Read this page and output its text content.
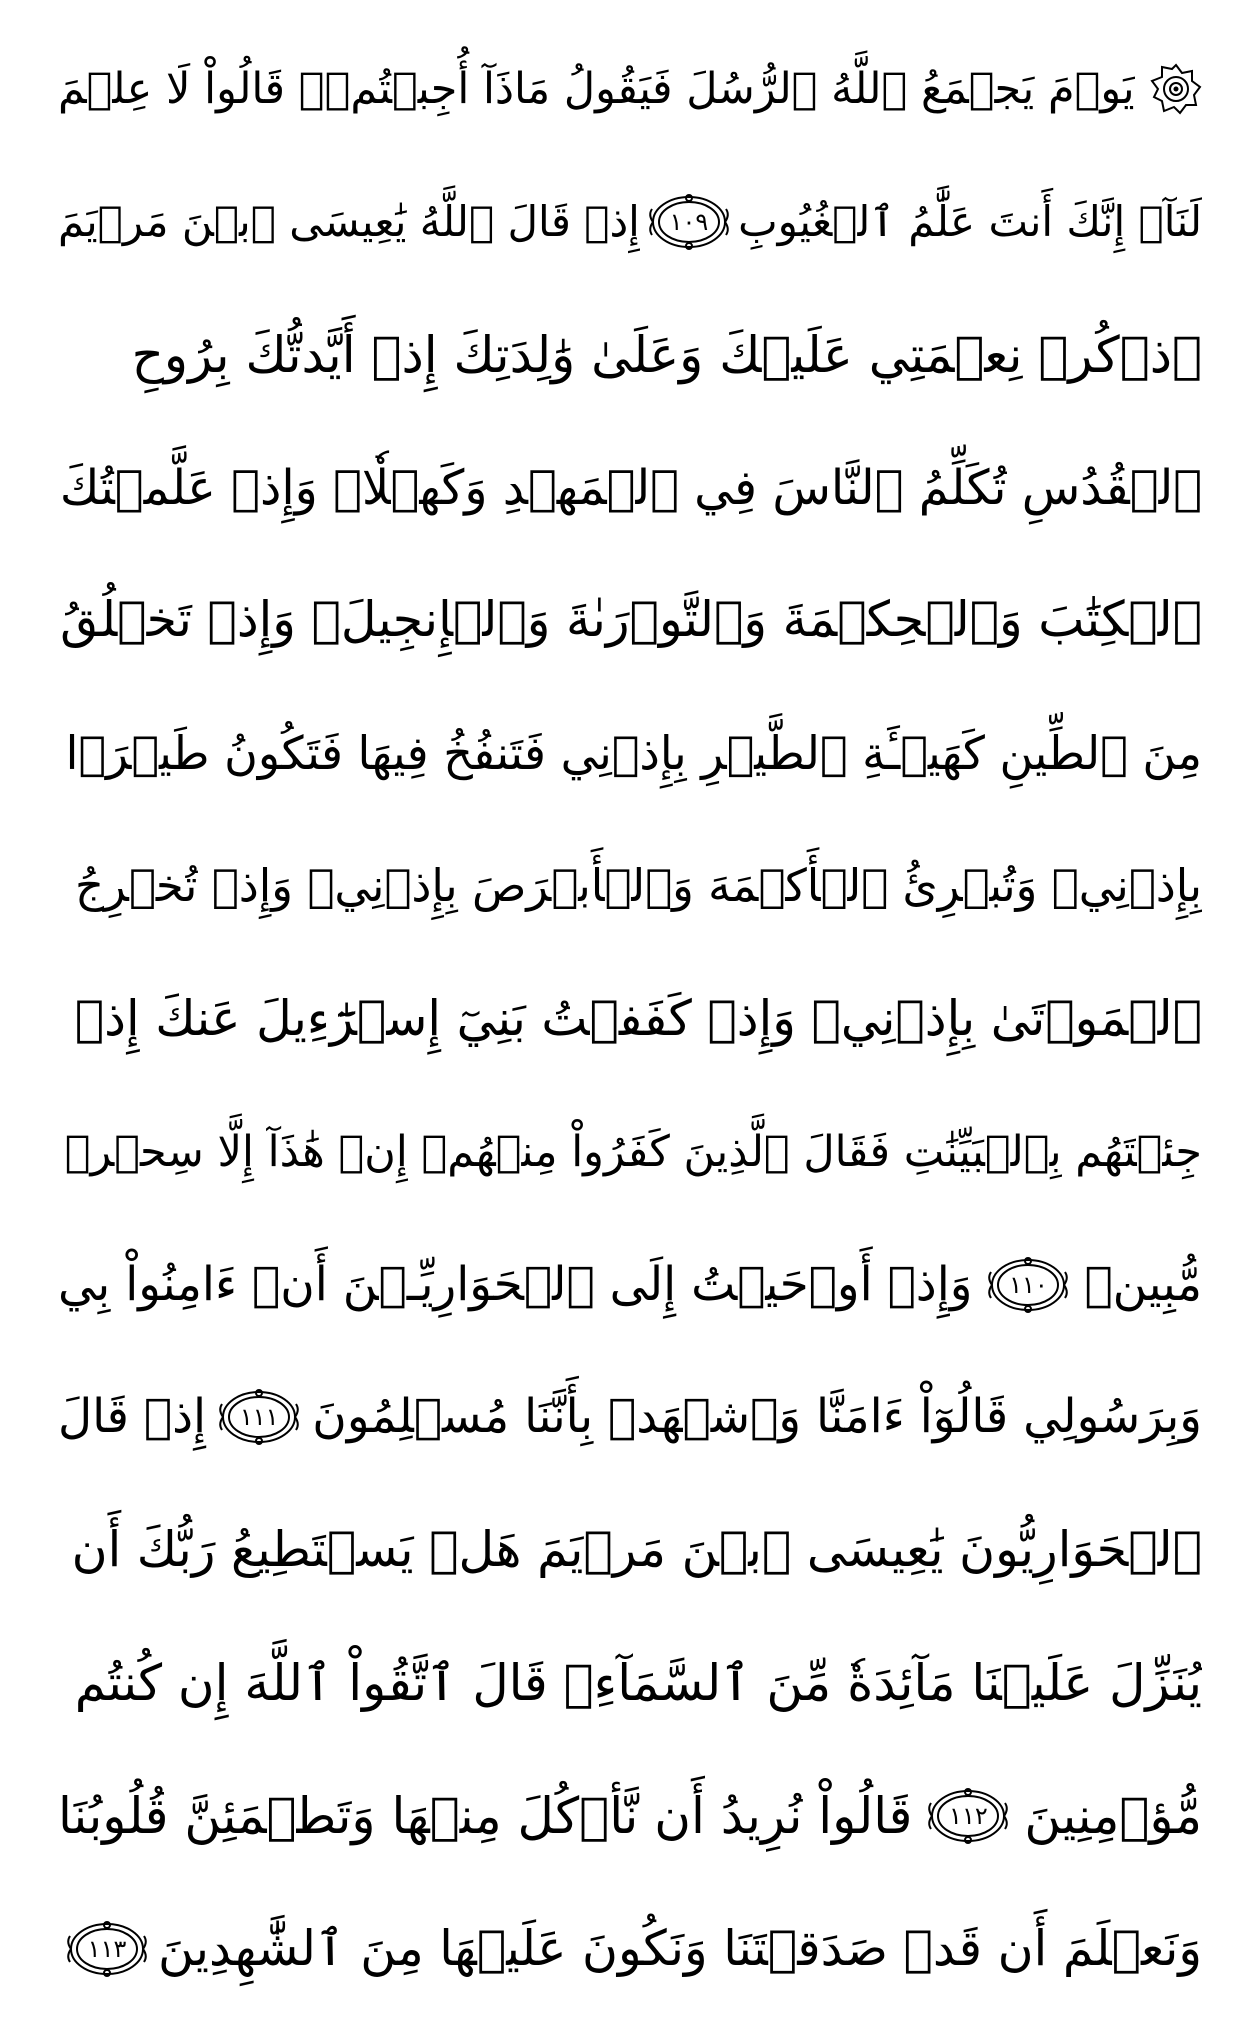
يَوۡمَ يَجۡمَعُ ٱللَّهُ ٱلرُّسُلَ فَيَقُولُ مَاذَآ أُجِبۡتُمۡۖ قَالُواْ لَا عِلۡمَ
لَنَآۖ إِنَّكَ أَنتَ عَلَّٰمُ ٱلۡغُيُوبِ
١٠٩
إِذۡ قَالَ ٱللَّهُ يَٰعِيسَى ٱبۡنَ مَرۡيَمَ
ٱذۡكُرۡ نِعۡمَتِي عَلَيۡكَ وَعَلَىٰ وَٰلِدَتِكَ إِذۡ أَيَّدتُّكَ بِرُوحِ
ٱلۡقُدُسِ تُكَلِّمُ ٱلنَّاسَ فِي ٱلۡمَهۡدِ وَكَهۡلٗاۖ وَإِذۡ عَلَّمۡتُكَ
ٱلۡكِتَٰبَ وَٱلۡحِكۡمَةَ وَٱلتَّوۡرَىٰةَ وَٱلۡإِنجِيلَۖ وَإِذۡ تَخۡلُقُ
مِنَ ٱلطِّينِ كَهَيۡـَٔةِ ٱلطَّيۡرِ بِإِذۡنِي فَتَنفُخُ فِيهَا فَتَكُونُ طَيۡرَۢا
بِإِذۡنِيۖ وَتُبۡرِئُ ٱلۡأَكۡمَهَ وَٱلۡأَبۡرَصَ بِإِذۡنِيۖ وَإِذۡ تُخۡرِجُ
ٱلۡمَوۡتَىٰ بِإِذۡنِيۖ وَإِذۡ كَفَفۡتُ بَنِيٓ إِسۡرَٰٓءِيلَ عَنكَ إِذۡ
جِئۡتَهُم بِٱلۡبَيِّنَٰتِ فَقَالَ ٱلَّذِينَ كَفَرُواْ مِنۡهُمۡ إِنۡ هَٰذَآ إِلَّا سِحۡرٞ
مُّبِينٞ
١١٠
وَإِذۡ أَوۡحَيۡتُ إِلَى ٱلۡحَوَارِيِّـۧنَ أَنۡ ءَامِنُواْ بِي
وَبِرَسُولِي قَالُوٓاْ ءَامَنَّا وَٱشۡهَدۡ بِأَنَّنَا مُسۡلِمُونَ
١١١
إِذۡ قَالَ
ٱلۡحَوَارِيُّونَ يَٰعِيسَى ٱبۡنَ مَرۡيَمَ هَلۡ يَسۡتَطِيعُ رَبُّكَ أَن
يُنَزِّلَ عَلَيۡنَا مَآئِدَةٗ مِّنَ ٱلسَّمَآءِۖ قَالَ ٱتَّقُواْ ٱللَّهَ إِن كُنتُم
مُّؤۡمِنِينَ
١١٢
قَالُواْ نُرِيدُ أَن نَّأۡكُلَ مِنۡهَا وَتَطۡمَئِنَّ قُلُوبُنَا
وَنَعۡلَمَ أَن قَدۡ صَدَقۡتَنَا وَنَكُونَ عَلَيۡهَا مِنَ ٱلشَّٰهِدِينَ
١١٣
